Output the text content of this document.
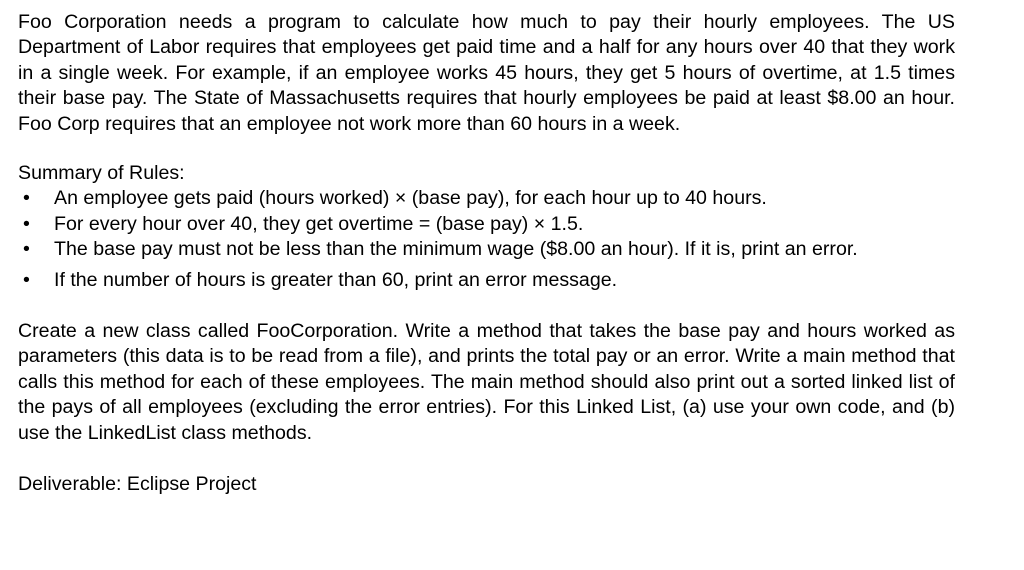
Foo Corporation needs a program to calculate how much to pay their hourly employees. The US Department of Labor requires that employees get paid time and a half for any hours over 40 that they work in a single week. For example, if an employee works 45 hours, they get 5 hours of overtime, at 1.5 times their base pay. The State of Massachusetts requires that hourly employees be paid at least $8.00 an hour. Foo Corp requires that an employee not work more than 60 hours in a week.

Summary of Rules:

• An employee gets paid (hours worked) × (base pay), for each hour up to 40 hours.
• For every hour over 40, they get overtime = (base pay) × 1.5.
• The base pay must not be less than the minimum wage ($8.00 an hour). If it is, print an error.
• If the number of hours is greater than 60, print an error message.

Create a new class called FooCorporation. Write a method that takes the base pay and hours worked as parameters (this data is to be read from a file), and prints the total pay or an error. Write a main method that calls this method for each of these employees. The main method should also print out a sorted linked list of the pays of all employees (excluding the error entries). For this Linked List, (a) use your own code, and (b) use the LinkedList class methods.

Deliverable: Eclipse Project
